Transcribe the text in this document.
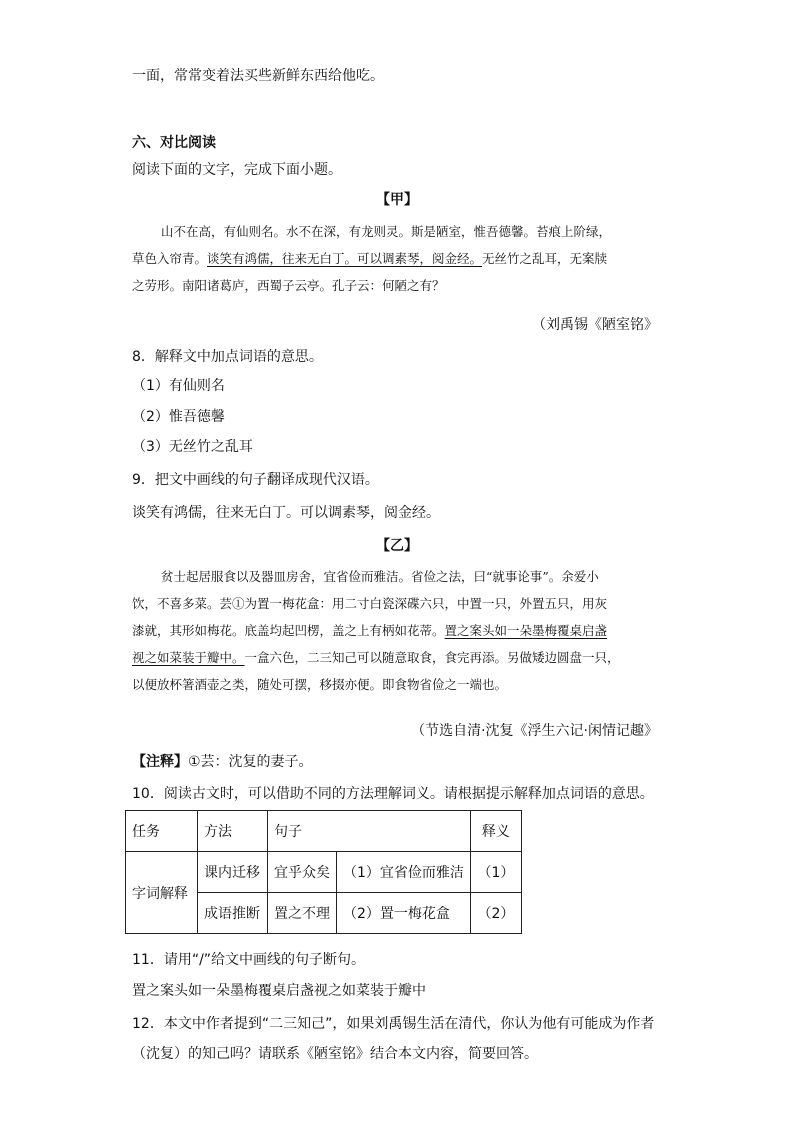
一面，常常变着法买些新鲜东西给他吃。
六、对比阅读
阅读下面的文字，完成下面小题。
【甲】
山不在高，有仙则名。水不在深，有龙则灵。斯是陋室，惟吾德馨。苔痕上阶绿，
草色入帘青。谈笑有鸿儒，往来无白丁。可以调素琴，阅金经。无丝竹之乱耳，无案牍
之劳形。南阳诸葛庐，西蜀子云亭。孔子云：何陋之有？
（刘禹锡《陋室铭》
8．解释文中加点词语的意思。
（1）有仙则名
（2）惟吾德馨
（3）无丝竹之乱耳
9．把文中画线的句子翻译成现代汉语。
谈笑有鸿儒，往来无白丁。可以调素琴，阅金经。
【乙】
贫士起居服食以及器皿房舍，宜省俭而雅洁。省俭之法，曰“就事论事”。余爱小
饮，不喜多菜。芸①为置一梅花盒：用二寸白瓷深碟六只，中置一只，外置五只，用灰
漆就，其形如梅花。底盖均起凹楞，盖之上有柄如花蒂。置之案头如一朵墨梅覆桌启盏
视之如菜装于瓣中。一盒六色，二三知己可以随意取食，食完再添。另做矮边圆盘一只，
以便放杯箸酒壶之类，随处可摆，移掇亦便。即食物省俭之一端也。
（节选自清·沈复《浮生六记·闲情记趣》
【注释】①芸：沈复的妻子。
10．阅读古文时，可以借助不同的方法理解词义。请根据提示解释加点词语的意思。
任务	方法	句子		释义
字词解释	课内迁移	宜乎众矣	（1）宜省俭而雅洁	（1）
	成语推断	置之不理	（2）置一梅花盒	（2）
11．请用“/”给文中画线的句子断句。
置之案头如一朵墨梅覆桌启盏视之如菜装于瓣中
12．本文中作者提到“二三知己”，如果刘禹锡生活在清代，你认为他有可能成为作者
（沈复）的知己吗？请联系《陋室铭》结合本文内容，简要回答。
